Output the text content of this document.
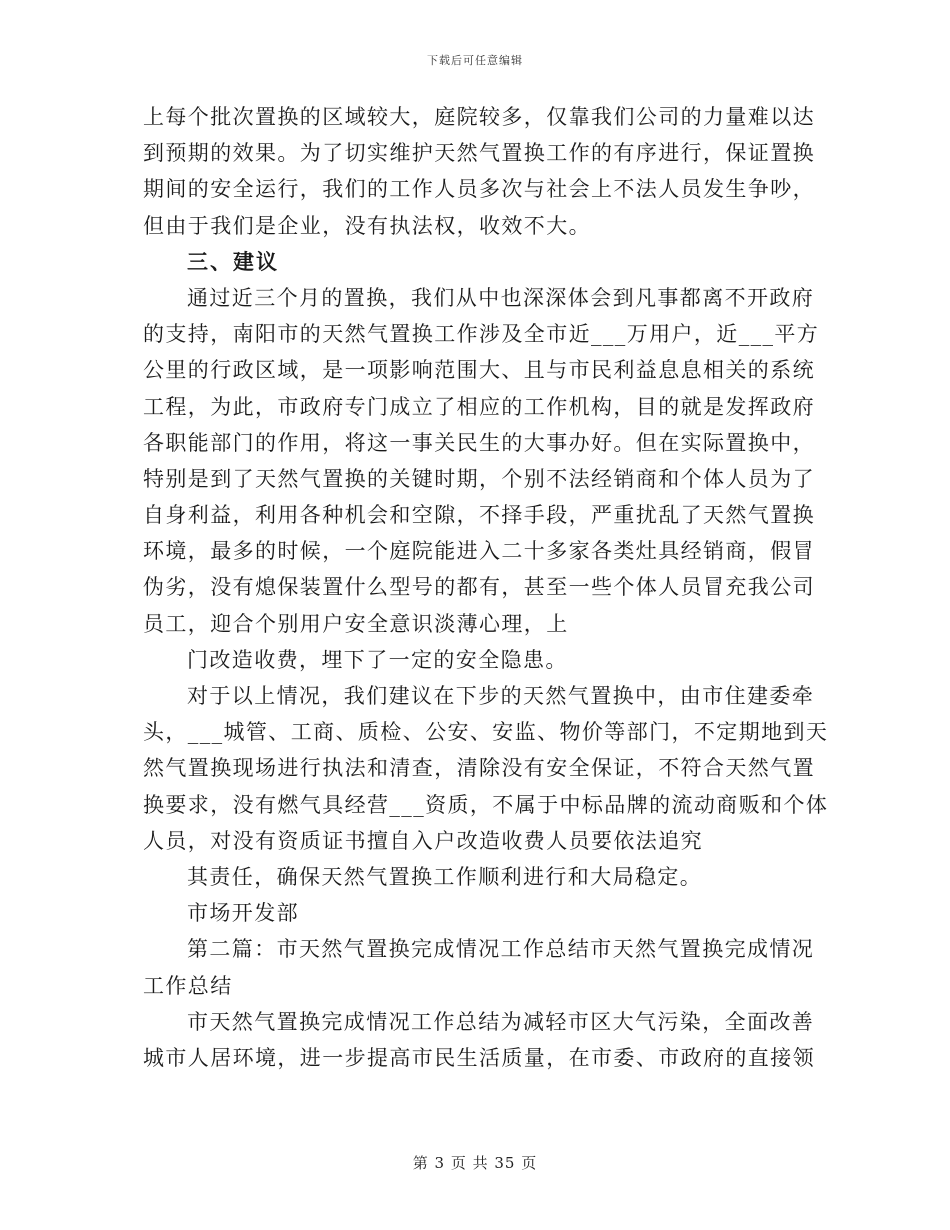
下载后可任意编辑
上每个批次置换的区域较大，庭院较多，仅靠我们公司的力量难以达
到预期的效果。为了切实维护天然气置换工作的有序进行，保证置换
期间的安全运行，我们的工作人员多次与社会上不法人员发生争吵，
但由于我们是企业，没有执法权，收效不大。
三、建议
通过近三个月的置换，我们从中也深深体会到凡事都离不开政府
的支持，南阳市的天然气置换工作涉及全市近___万用户，近___平方
公里的行政区域，是一项影响范围大、且与市民利益息息相关的系统
工程，为此，市政府专门成立了相应的工作机构，目的就是发挥政府
各职能部门的作用，将这一事关民生的大事办好。但在实际置换中，
特别是到了天然气置换的关键时期，个别不法经销商和个体人员为了
自身利益，利用各种机会和空隙，不择手段，严重扰乱了天然气置换
环境，最多的时候，一个庭院能进入二十多家各类灶具经销商，假冒
伪劣，没有熄保装置什么型号的都有，甚至一些个体人员冒充我公司
员工，迎合个别用户安全意识淡薄心理，上
门改造收费，埋下了一定的安全隐患。
对于以上情况，我们建议在下步的天然气置换中，由市住建委牵
头，___城管、工商、质检、公安、安监、物价等部门，不定期地到天
然气置换现场进行执法和清查，清除没有安全保证，不符合天然气置
换要求，没有燃气具经营___资质，不属于中标品牌的流动商贩和个体
人员，对没有资质证书擅自入户改造收费人员要依法追究
其责任，确保天然气置换工作顺利进行和大局稳定。
市场开发部
第二篇：市天然气置换完成情况工作总结市天然气置换完成情况
工作总结
市天然气置换完成情况工作总结为减轻市区大气污染，全面改善
城市人居环境，进一步提高市民生活质量，在市委、市政府的直接领
第 3 页 共 35 页
